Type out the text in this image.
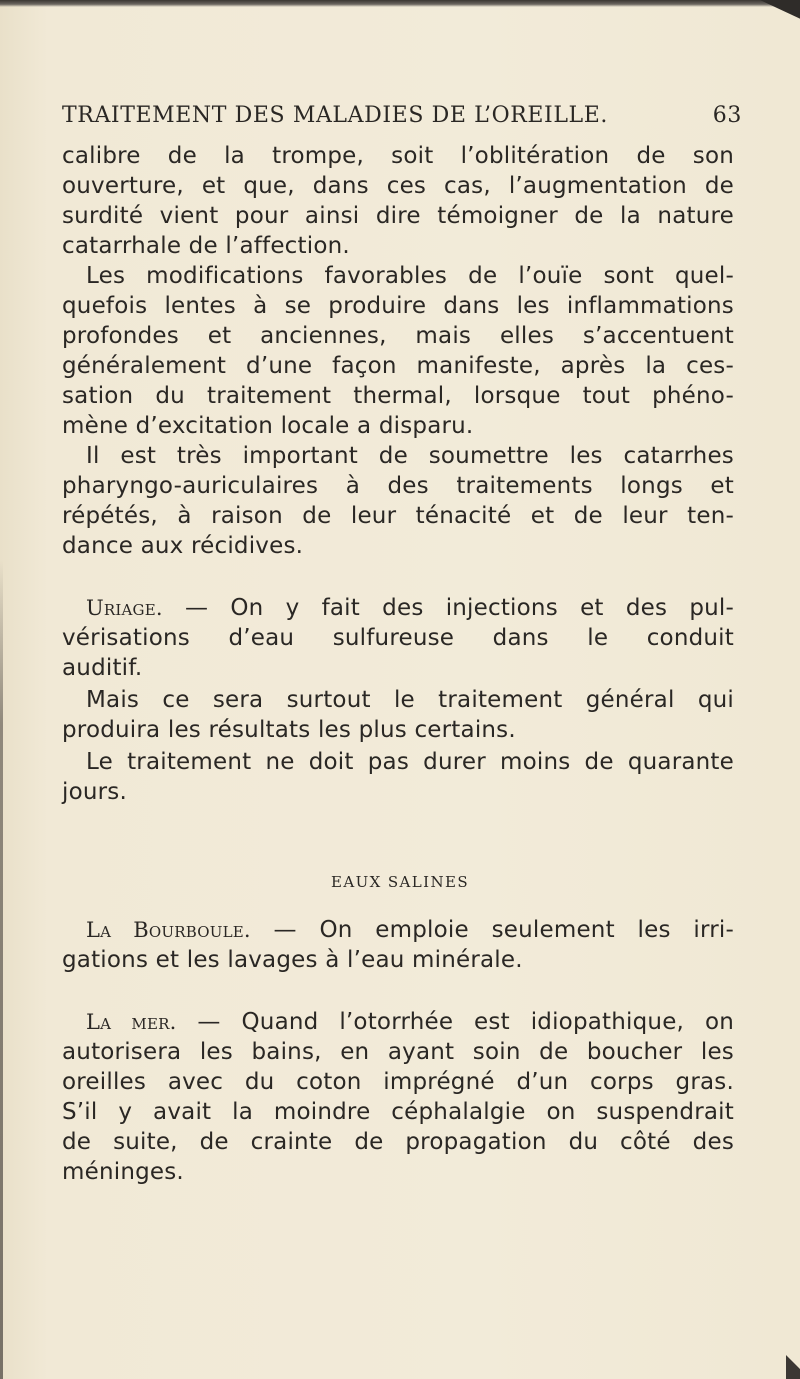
TRAITEMENT DES MALADIES DE L’OREILLE.	63
calibre de la trompe, soit l’oblitération de son
ouverture, et que, dans ces cas, l’augmentation de
surdité vient pour ainsi dire témoigner de la nature
catarrhale de l’affection.
Les modifications favorables de l’ouïe sont quel-
quefois lentes à se produire dans les inflammations
profondes et anciennes, mais elles s’accentuent
généralement d’une façon manifeste, après la ces-
sation du traitement thermal, lorsque tout phéno-
mène d’excitation locale a disparu.
Il est très important de soumettre les catarrhes
pharyngo-auriculaires à des traitements longs et
répétés, à raison de leur ténacité et de leur ten-
dance aux récidives.
Uriage. — On y fait des injections et des pul-
vérisations d’eau sulfureuse dans le conduit
auditif.
Mais ce sera surtout le traitement général qui
produira les résultats les plus certains.
Le traitement ne doit pas durer moins de quarante
jours.
EAUX SALINES
La Bourboule. — On emploie seulement les irri-
gations et les lavages à l’eau minérale.
La mer. — Quand l’otorrhée est idiopathique, on
autorisera les bains, en ayant soin de boucher les
oreilles avec du coton imprégné d’un corps gras.
S’il y avait la moindre céphalalgie on suspendrait
de suite, de crainte de propagation du côté des
méninges.
